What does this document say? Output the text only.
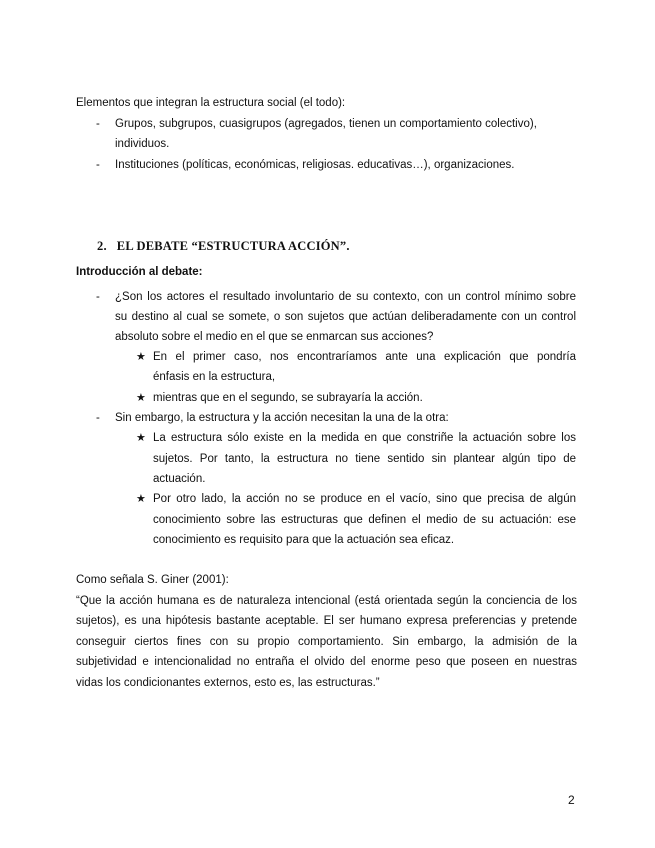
Elementos que integran la estructura social (el todo):
- Grupos, subgrupos, cuasigrupos (agregados, tienen un comportamiento colectivo),
individuos.
- Instituciones (políticas, económicas, religiosas. educativas…), organizaciones.
2. EL DEBATE “ESTRUCTURA ACCIÓN”.
Introducción al debate:
- ¿Son los actores el resultado involuntario de su contexto, con un control mínimo sobre
su destino al cual se somete, o son sujetos que actúan deliberadamente con un control
absoluto sobre el medio en el que se enmarcan sus acciones?
★ En el primer caso, nos encontraríamos ante una explicación que pondría
énfasis en la estructura,
★ mientras que en el segundo, se subrayaría la acción.
- Sin embargo, la estructura y la acción necesitan la una de la otra:
★ La estructura sólo existe en la medida en que constriñe la actuación sobre los
sujetos. Por tanto, la estructura no tiene sentido sin plantear algún tipo de
actuación.
★ Por otro lado, la acción no se produce en el vacío, sino que precisa de algún
conocimiento sobre las estructuras que definen el medio de su actuación: ese
conocimiento es requisito para que la actuación sea eficaz.
Como señala S. Giner (2001):
“Que la acción humana es de naturaleza intencional (está orientada según la conciencia de los
sujetos), es una hipótesis bastante aceptable. El ser humano expresa preferencias y pretende
conseguir ciertos fines con su propio comportamiento. Sin embargo, la admisión de la
subjetividad e intencionalidad no entraña el olvido del enorme peso que poseen en nuestras
vidas los condicionantes externos, esto es, las estructuras.”
2
